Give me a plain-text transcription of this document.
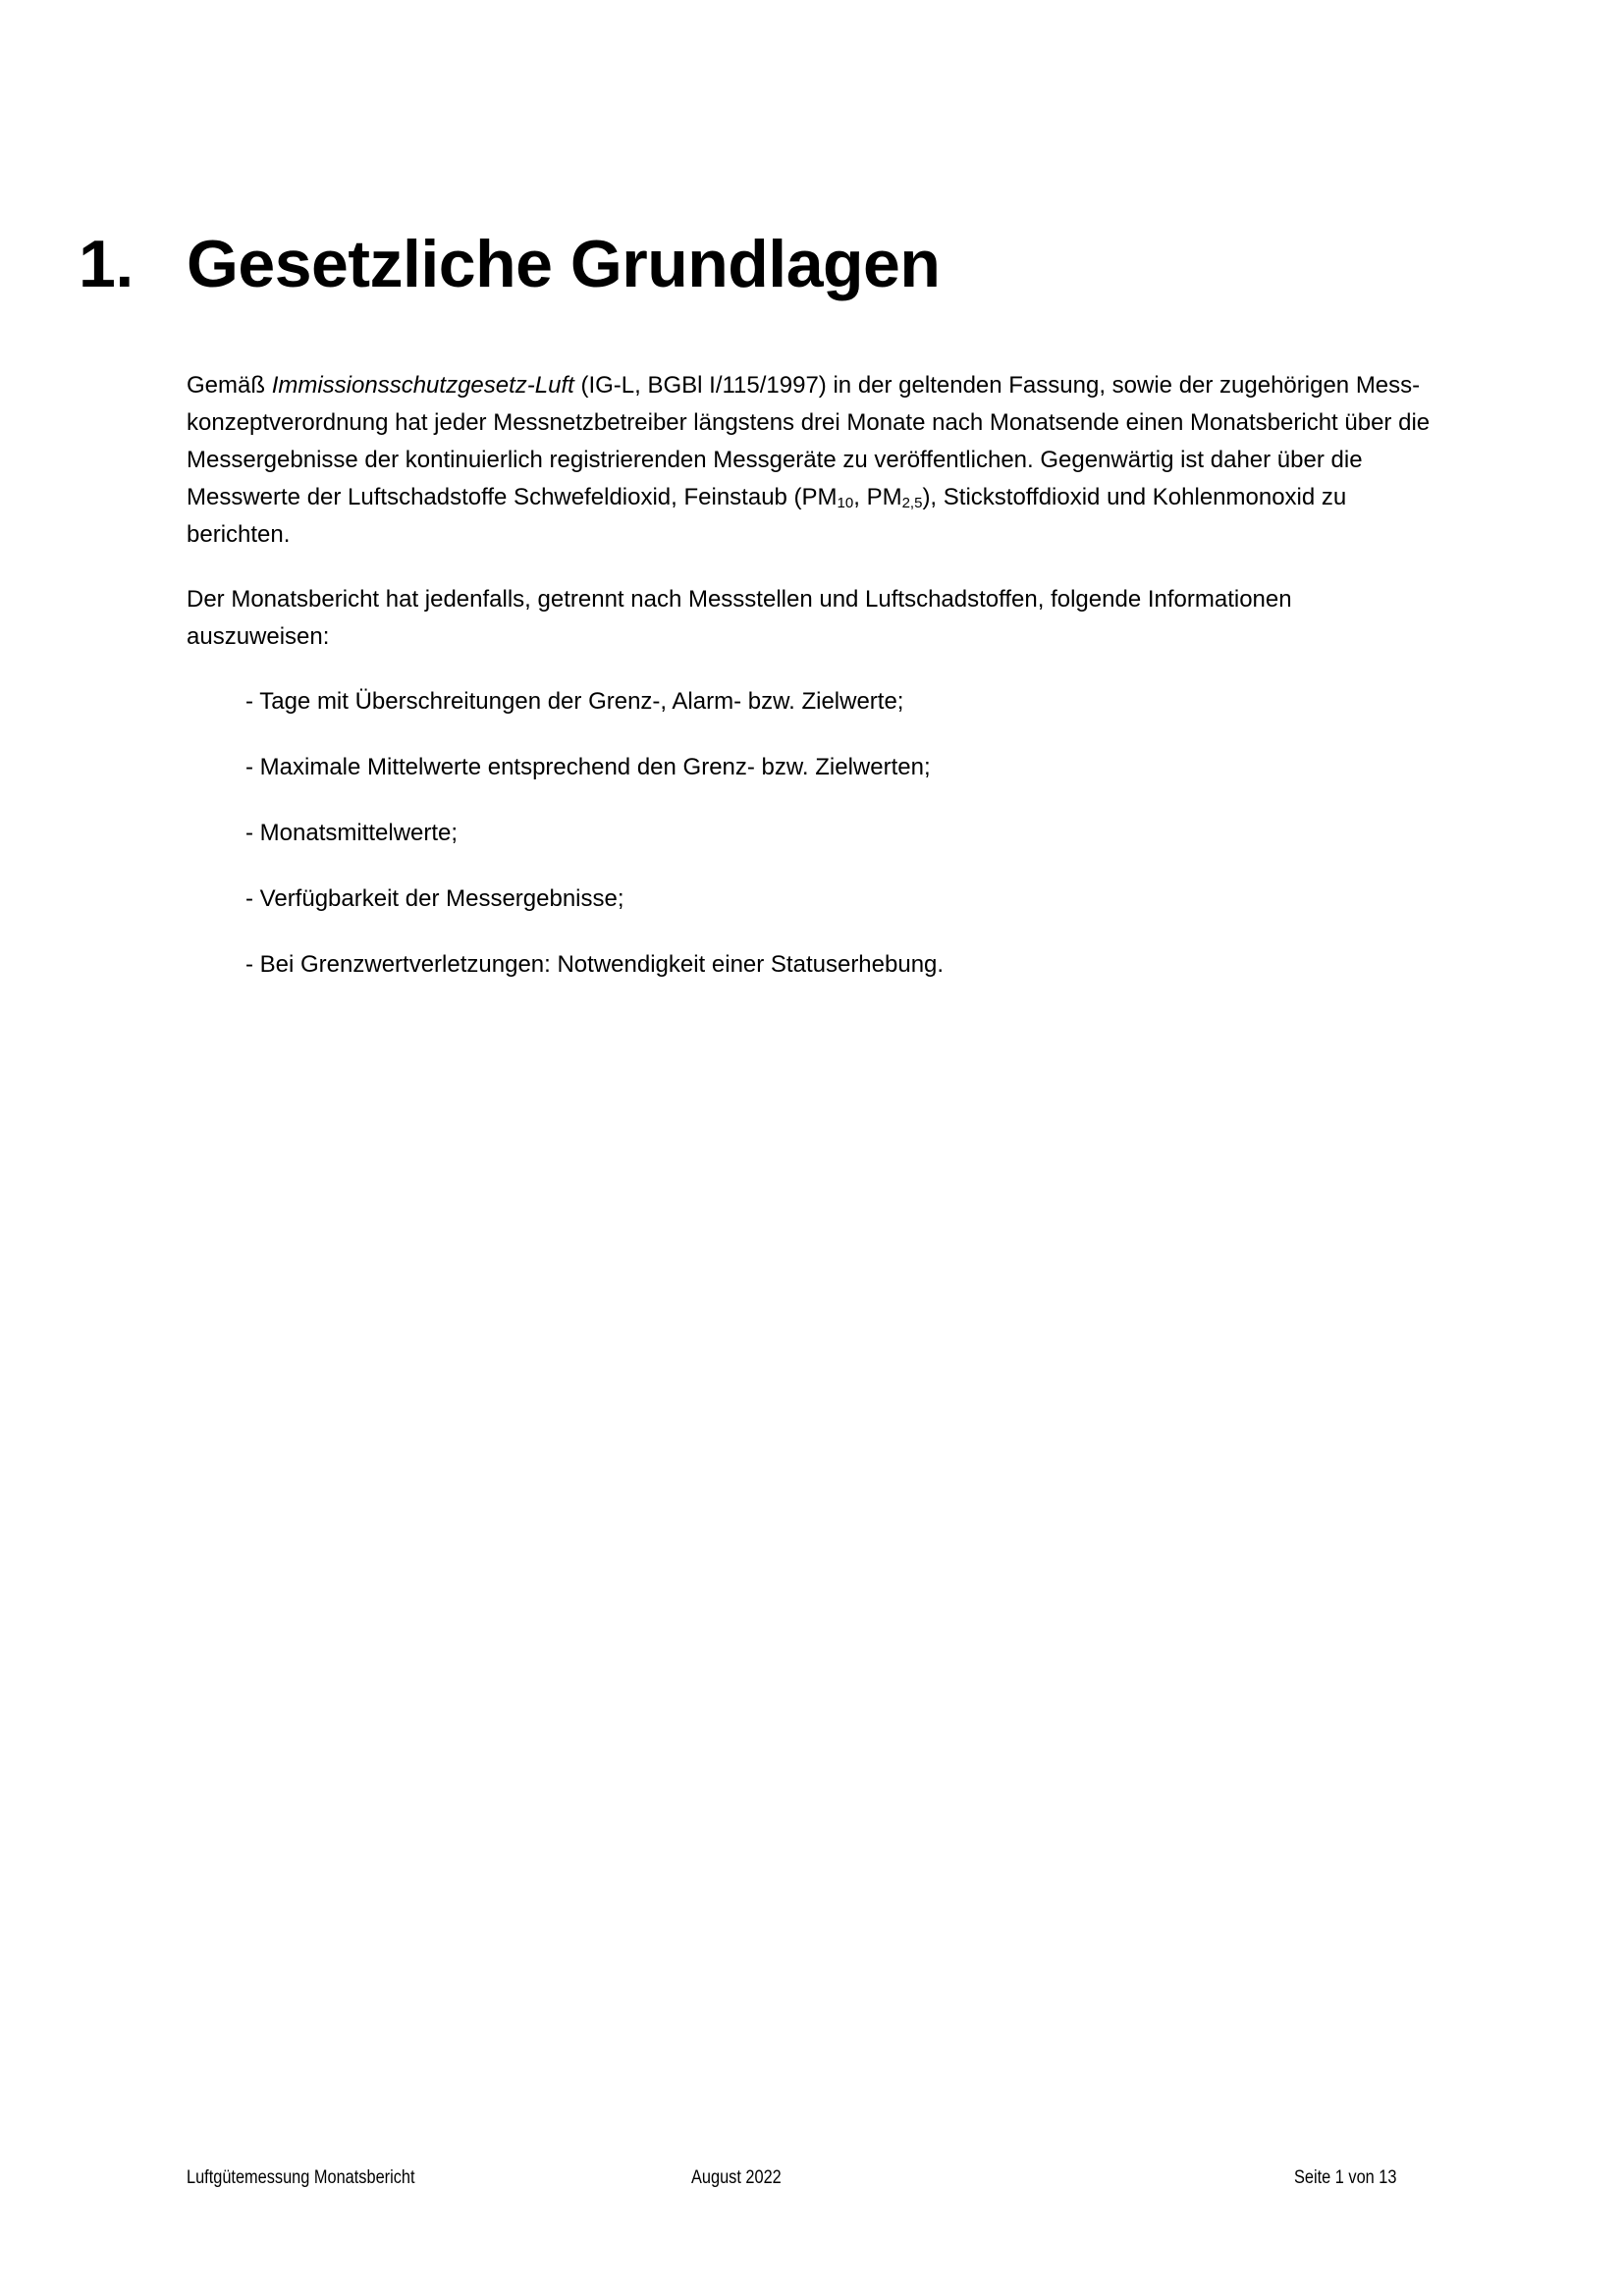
1. Gesetzliche Grundlagen

Gemäß Immissionsschutzgesetz-Luft (IG-L, BGBl I/115/1997) in der geltenden Fassung, sowie der zugehörigen Mess-konzeptverordnung hat jeder Messnetzbetreiber längstens drei Monate nach Monatsende einen Monatsbericht über die Messergebnisse der kontinuierlich registrierenden Messgeräte zu veröffentlichen. Gegenwärtig ist daher über die Messwerte der Luftschadstoffe Schwefeldioxid, Feinstaub ($PM_{10}$, $PM_{2,5}$), Stickstoffdioxid und Kohlenmonoxid zu berichten.

Der Monatsbericht hat jedenfalls, getrennt nach Messstellen und Luftschadstoffen, folgende Informationen auszuweisen:

- Tage mit Überschreitungen der Grenz-, Alarm- bzw. Zielwerte;
- Maximale Mittelwerte entsprechend den Grenz- bzw. Zielwerten;
- Monatsmittelwerte;
- Verfügbarkeit der Messergebnisse;
- Bei Grenzwertverletzungen: Notwendigkeit einer Statuserhebung.
Luftgütemessung Monatsbericht	August 2022	Seite 1 von 13
